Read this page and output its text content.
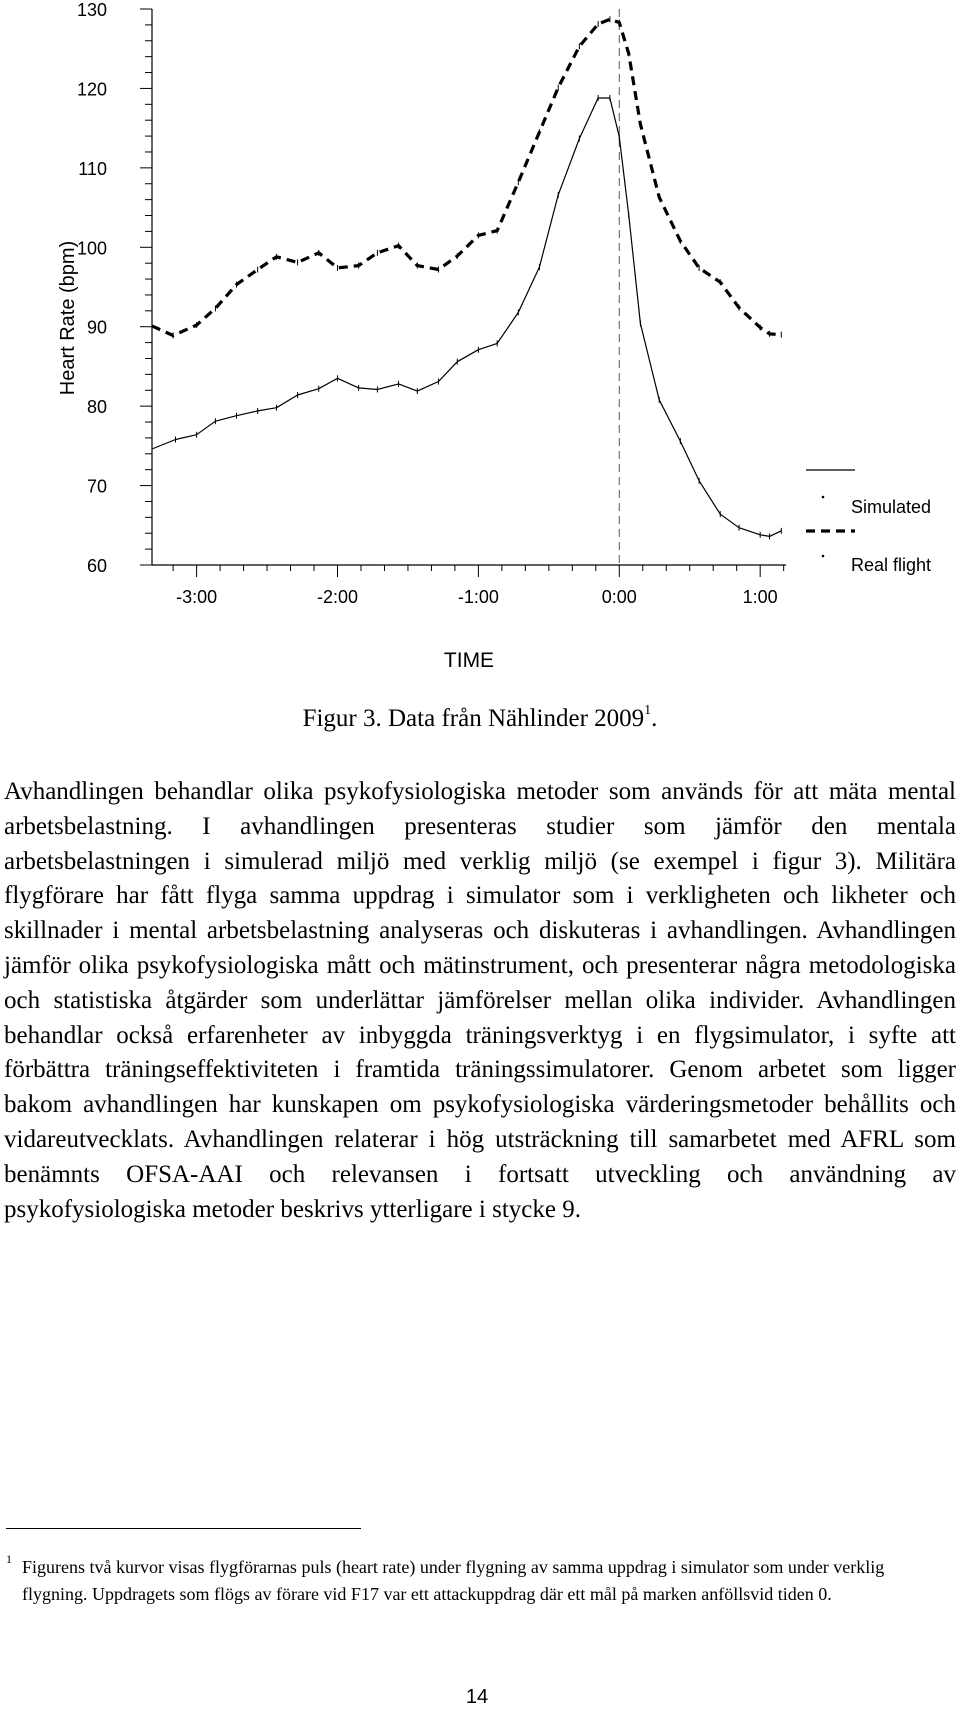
60
70
80
90
100
110
120
130
-3:00	-2:00	-1:00	0:00	1:00
Simulated
Real flight
Heart Rate (bpm)
TIME
Figur 3. Data från Nählinder 2009$^1$.
Avhandlingen behandlar olika psykofysiologiska metoder som används för att mäta mental arbetsbelastning. I avhandlingen presenteras studier som jämför den mentala arbetsbelastningen i simulerad miljö med verklig miljö (se exempel i figur 3). Militära flygförare har fått flyga samma uppdrag i simulator som i verkligheten och likheter och skillnader i mental arbetsbelastning analyseras och diskuteras i avhandlingen. Avhandlingen jämför olika psykofysiologiska mått och mätinstrument, och presenterar några metodologiska och statistiska åtgärder som underlättar jämförelser mellan olika individer. Avhandlingen behandlar också erfarenheter av inbyggda träningsverktyg i en flygsimulator, i syfte att förbättra träningseffektiviteten i framtida träningssimulatorer. Genom arbetet som ligger bakom avhandlingen har kunskapen om psykofysiologiska värderingsmetoder behållits och vidareutvecklats. Avhandlingen relaterar i hög utsträckning till samarbetet med AFRL som benämnts OFSA-AAI och relevansen i fortsatt utveckling och användning av psykofysiologiska metoder beskrivs ytterligare i stycke 9.
1 Figurens två kurvor visas flygförarnas puls (heart rate) under flygning av samma uppdrag i simulator som under verklig flygning. Uppdragets som flögs av förare vid F17 var ett attackuppdrag där ett mål på marken anföllsvid tiden 0.
14
